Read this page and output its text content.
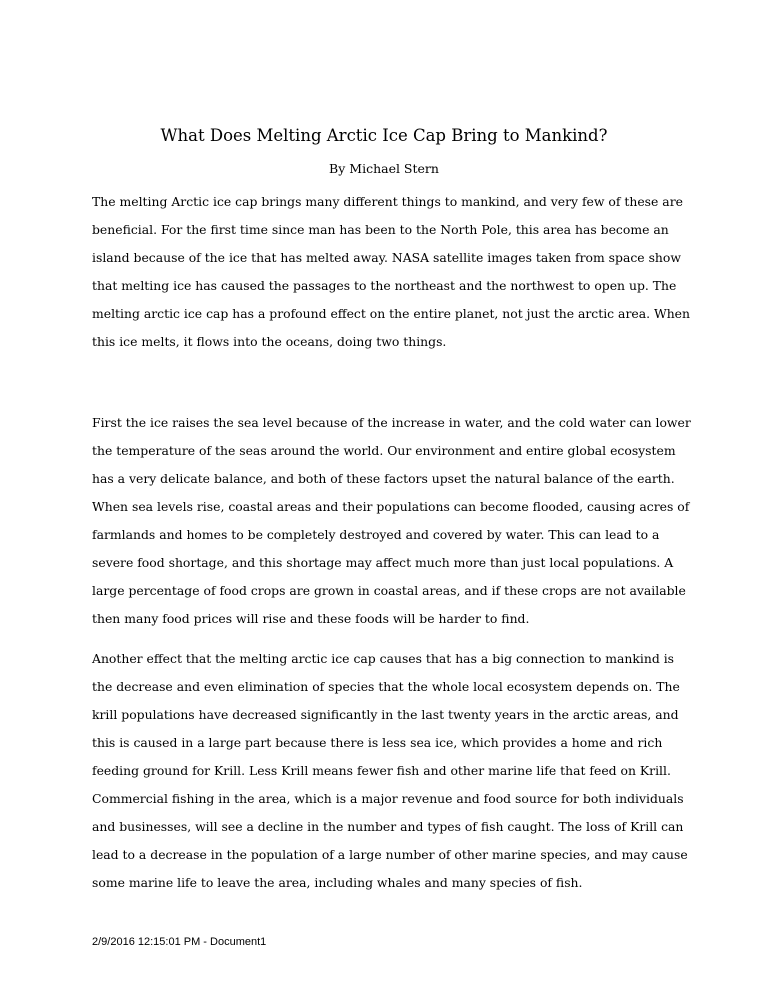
What Does Melting Arctic Ice Cap Bring to Mankind?

By Michael Stern

The melting Arctic ice cap brings many different things to mankind, and very few of these are beneficial. For the first time since man has been to the North Pole, this area has become an island because of the ice that has melted away. NASA satellite images taken from space show that melting ice has caused the passages to the northeast and the northwest to open up. The melting arctic ice cap has a profound effect on the entire planet, not just the arctic area. When this ice melts, it flows into the oceans, doing two things.

First the ice raises the sea level because of the increase in water, and the cold water can lower the temperature of the seas around the world. Our environment and entire global ecosystem has a very delicate balance, and both of these factors upset the natural balance of the earth. When sea levels rise, coastal areas and their populations can become flooded, causing acres of farmlands and homes to be completely destroyed and covered by water. This can lead to a severe food shortage, and this shortage may affect much more than just local populations. A large percentage of food crops are grown in coastal areas, and if these crops are not available then many food prices will rise and these foods will be harder to find.

Another effect that the melting arctic ice cap causes that has a big connection to mankind is the decrease and even elimination of species that the whole local ecosystem depends on. The krill populations have decreased significantly in the last twenty years in the arctic areas, and this is caused in a large part because there is less sea ice, which provides a home and rich feeding ground for Krill. Less Krill means fewer fish and other marine life that feed on Krill. Commercial fishing in the area, which is a major revenue and food source for both individuals and businesses, will see a decline in the number and types of fish caught. The loss of Krill can lead to a decrease in the population of a large number of other marine species, and may cause some marine life to leave the area, including whales and many species of fish.

2/9/2016 12:15:01 PM - Document1
